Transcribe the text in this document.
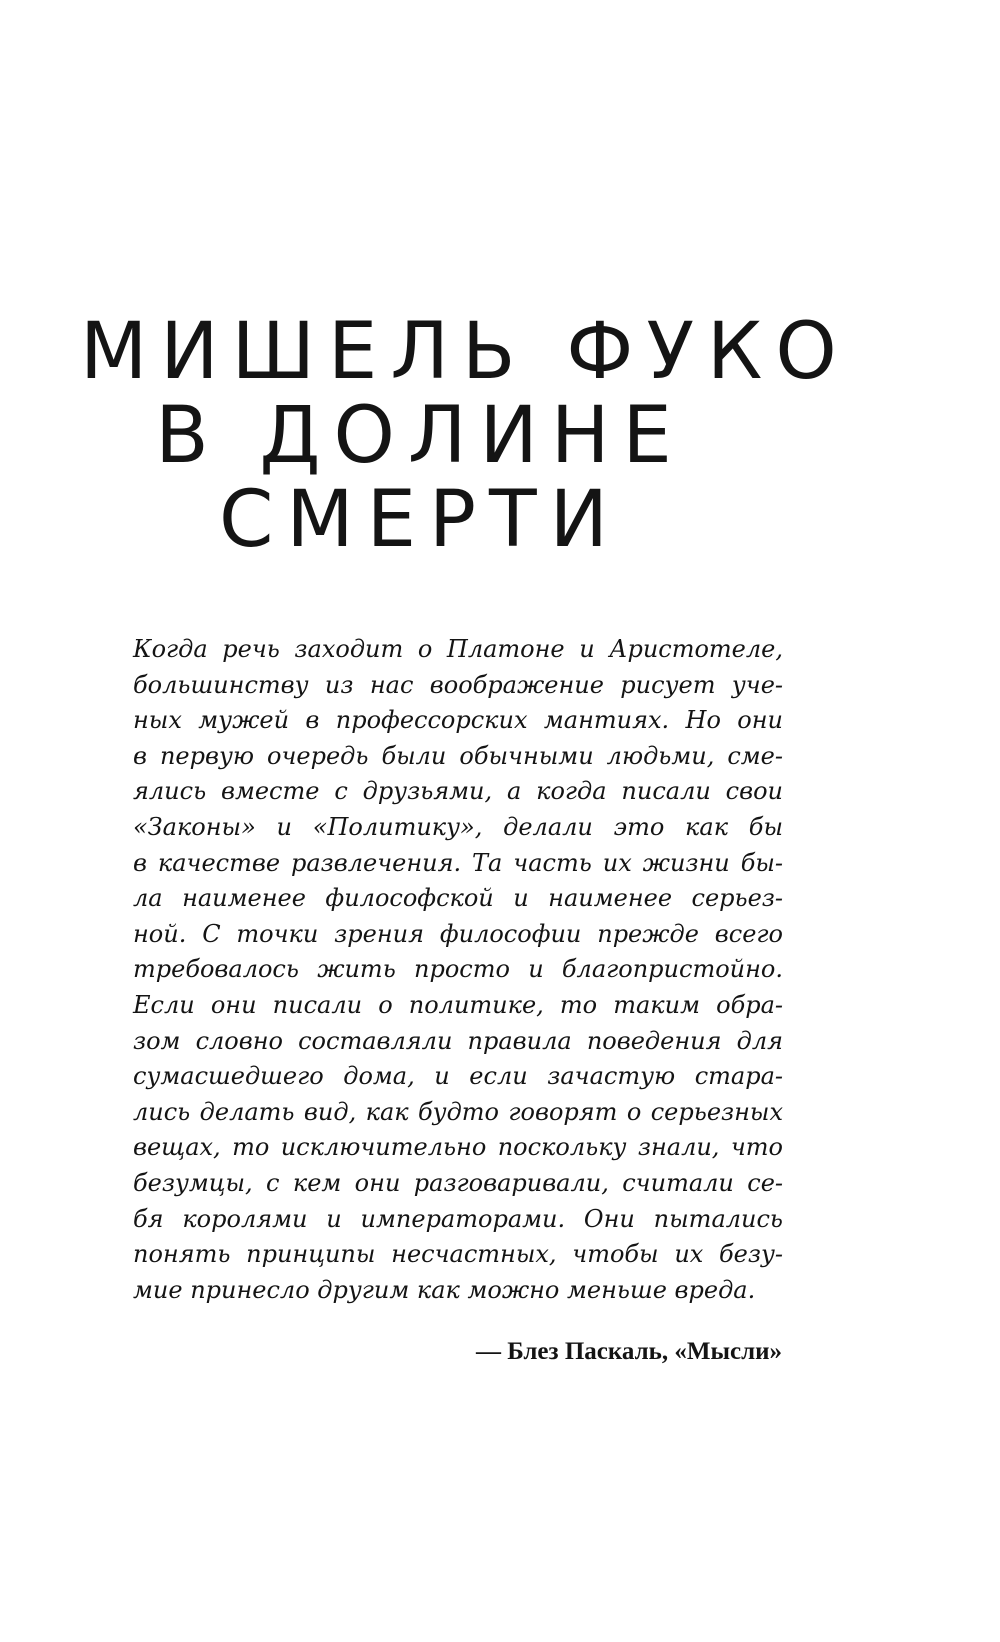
МИШЕЛЬ ФУКО
В ДОЛИНЕ
СМЕРТИ
Когда речь заходит о Платоне и Аристотеле,
большинству из нас воображение рисует уче-
ных мужей в профессорских мантиях. Но они
в первую очередь были обычными людьми, сме-
ялись вместе с друзьями, а когда писали свои
«Законы» и «Политику», делали это как бы
в качестве развлечения. Та часть их жизни бы-
ла наименее философской и наименее серьез-
ной. С точки зрения философии прежде всего
требовалось жить просто и благопристойно.
Если они писали о политике, то таким обра-
зом словно составляли правила поведения для
сумасшедшего дома, и если зачастую стара-
лись делать вид, как будто говорят о серьезных
вещах, то исключительно поскольку знали, что
безумцы, с кем они разговаривали, считали се-
бя королями и императорами. Они пытались
понять принципы несчастных, чтобы их безу-
мие принесло другим как можно меньше вреда.

— Блез Паскаль, «Мысли»
